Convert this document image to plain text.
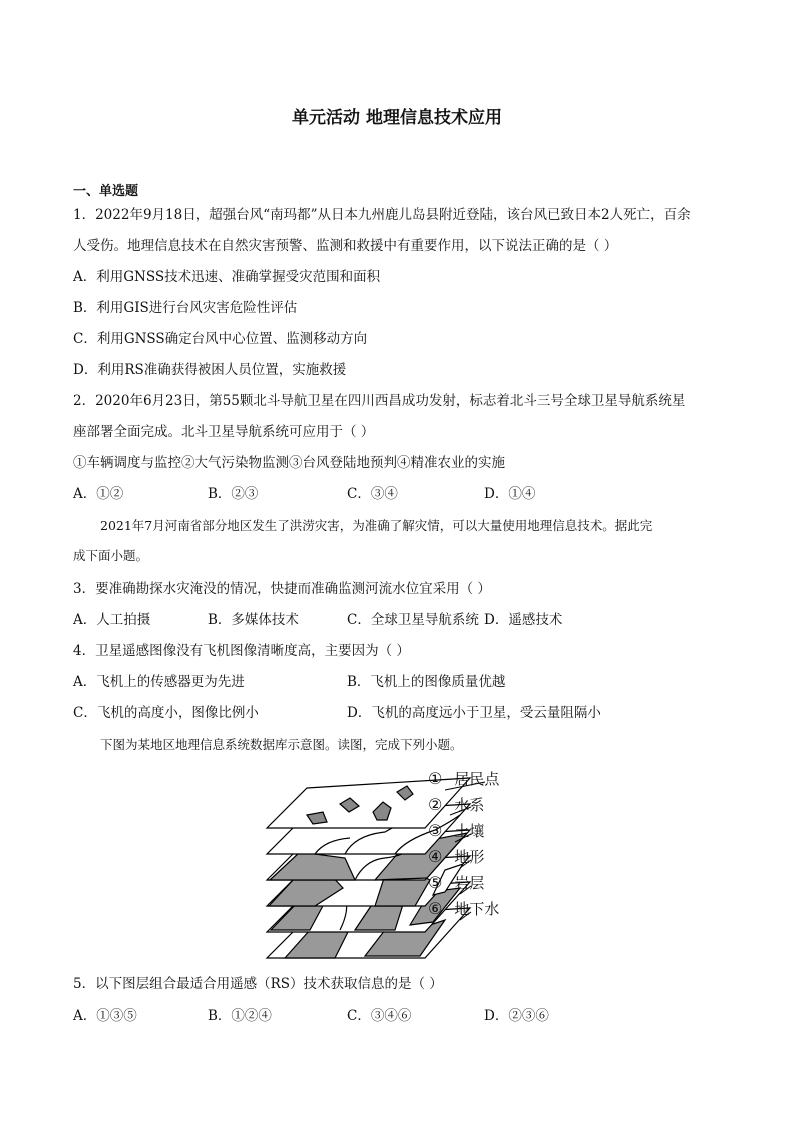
单元活动 地理信息技术应用
一、单选题
1．2022年9月18日，超强台风“南玛都”从日本九州鹿儿岛县附近登陆，该台风已致日本2人死亡，百余
人受伤。地理信息技术在自然灾害预警、监测和救援中有重要作用，以下说法正确的是（ ）
A．利用GNSS技术迅速、准确掌握受灾范围和面积
B．利用GIS进行台风灾害危险性评估
C．利用GNSS确定台风中心位置、监测移动方向
D．利用RS准确获得被困人员位置，实施救援
2．2020年6月23日，第55颗北斗导航卫星在四川西昌成功发射，标志着北斗三号全球卫星导航系统星
座部署全面完成。北斗卫星导航系统可应用于（ ）
①车辆调度与监控②大气污染物监测③台风登陆地预判④精准农业的实施
A．①②	B．②③	C．③④	D．①④
2021年7月河南省部分地区发生了洪涝灾害，为准确了解灾情，可以大量使用地理信息技术。据此完
成下面小题。
3．要准确勘探水灾淹没的情况，快捷而准确监测河流水位宜采用（ ）
A．人工拍摄	B．多媒体技术	C．全球卫星导航系统 D．遥感技术
4．卫星遥感图像没有飞机图像清晰度高，主要因为（ ）
A．飞机上的传感器更为先进	B．飞机上的图像质量优越
C．飞机的高度小，图像比例小	D．飞机的高度远小于卫星，受云量阻隔小
下图为某地区地理信息系统数据库示意图。读图，完成下列小题。
① 居民点
② 水系
③ 土壤
④ 地形
⑤ 岩层
⑥ 地下水
5．以下图层组合最适合用遥感（RS）技术获取信息的是（ ）
A．①③⑤	B．①②④	C．③④⑥	D．②③⑥
